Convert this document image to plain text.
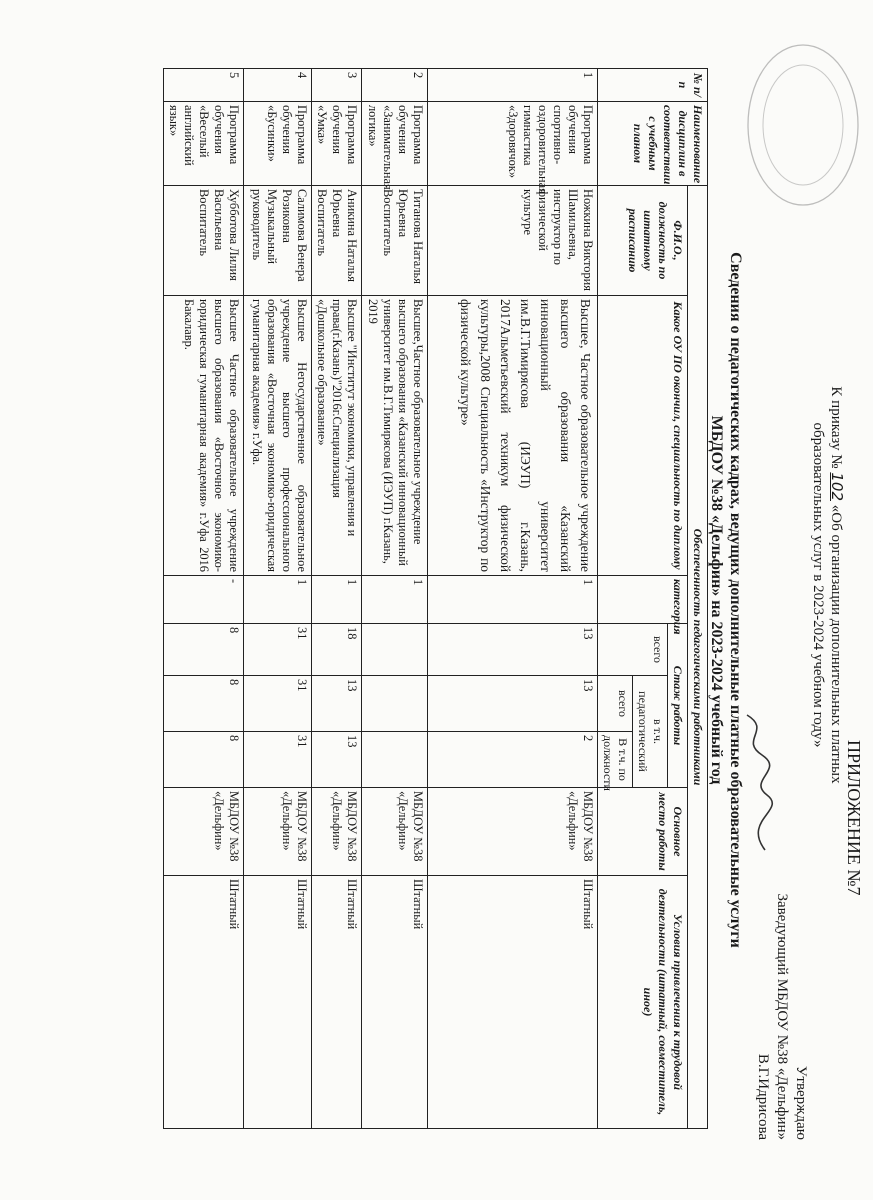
ПРИЛОЖЕНИЕ №7
К приказу № 102 «Об организации дополнительных платных
образовательных услуг в 2023-2024 учебном году»
Утверждаю
Заведующий МБДОУ №38 «Дельфин»
В.Г.Идрисова
Сведения о педагогических кадрах, ведущих дополнительные платные образовательные услуги
МБДОУ №38 «Дельфин» на 2023-2024 учебный год
№ п/п	Наименование дисциплин в соответствии с учебным планом	Обеспеченность педагогическими работниками							
		Ф.И.О., должность по штатному расписанию	Какое ОУ ПО окончил, специальность по диплому	категория	Стаж работы			Основное место работы	Условия привлечения к трудовой деятельности (штатный, совместитель, иное)
					всего	в т.ч. педагогический			
						всего	В т.ч. по должности		
1	Программа обучения спортивно-оздоровительная гимнастика «Здоровячок»	Ножкина Виктория Шамильевна, инструктор по физической культуре	Высшее, Частное образовательное учреждение высшего образования «Казанский инновационный университет им.В.Г.Тимирясова (ИЭУП) г.Казань, 2017Альметьевский техникум физической культуры,2008 Специальность «Инструктор по физической культуре»	1	13	13	2	МБДОУ №38 «Дельфин»	Штатный
2	Программа обучения «Занимательная логика»	Титанова Наталья Юрьевна Воспитатель	Высшее,Частное образовательное учреждение высшего образования «Казанский инновационный университет им.В.Г.Тимирясова (ИЭУП) г.Казань, 2019	1				МБДОУ №38 «Дельфин»	Штатный
3	Программа обучения «Умка»	Аникина Наталья Юрьевна Воспитатель	Высшее "Институт экономики, управления и права(г.Казань)"2016г.Специализация «Дошкольное образование»	1	18	13	13	МБДОУ №38 «Дельфин»	Штатный
4	Программа обучения «Бусинки»	Салимова Венера Розиковна Музыкальный руководитель	Высшее Негосударственное образовательное учреждение высшего профессионального образования «Восточная экономико-юридическая гуманитарная академия» г.Уфа.	1	31	31	31	МБДОУ №38 «Дельфин»	Штатный
5	Программа обучения «Веселый английский язык»	Хубботова Лилия Васильевна Воспитатель	Высшее Частное образовательное учреждение высшего образования «Восточное экономико-юридическая гуманитарная академия» г.Уфа 2016 Бакалавр.	-	8	8	8	МБДОУ №38 «Дельфин»	Штатный
